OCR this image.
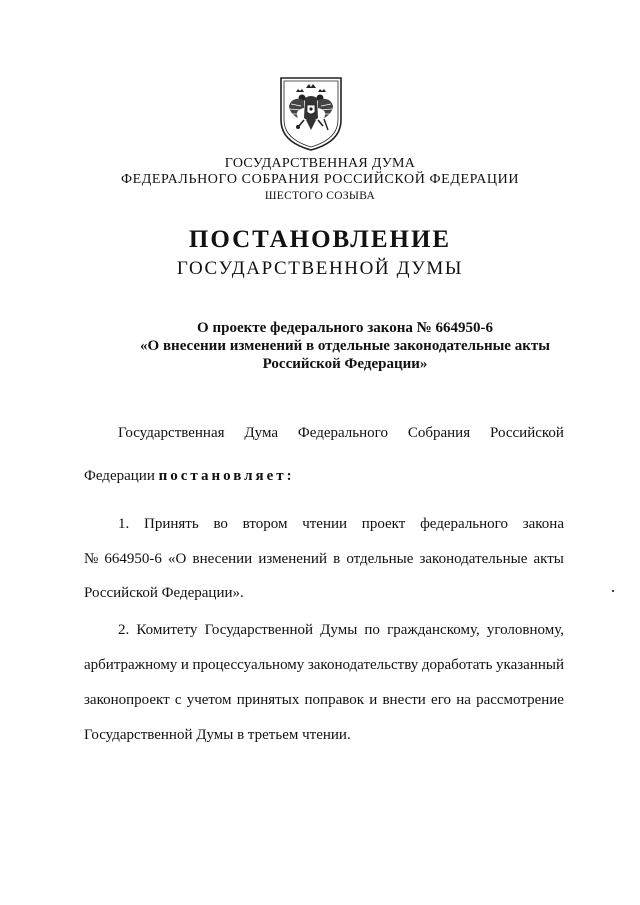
ГОСУДАРСТВЕННАЯ ДУМА
ФЕДЕРАЛЬНОГО СОБРАНИЯ РОССИЙСКОЙ ФЕДЕРАЦИИ
ШЕСТОГО СОЗЫВА
ПОСТАНОВЛЕНИЕ
ГОСУДАРСТВЕННОЙ ДУМЫ
О проекте федерального закона № 664950-6
«О внесении изменений в отдельные законодательные акты
Российской Федерации»
Государственная Дума Федерального Собрания Российской
Федерации постановляет:
1. Принять во втором чтении проект федерального закона
№ 664950-6 «О внесении изменений в отдельные законодательные акты
Российской Федерации».
2. Комитету Государственной Думы по гражданскому, уголовному,
арбитражному и процессуальному законодательству доработать указанный
законопроект с учетом принятых поправок и внести его на рассмотрение
Государственной Думы в третьем чтении.
